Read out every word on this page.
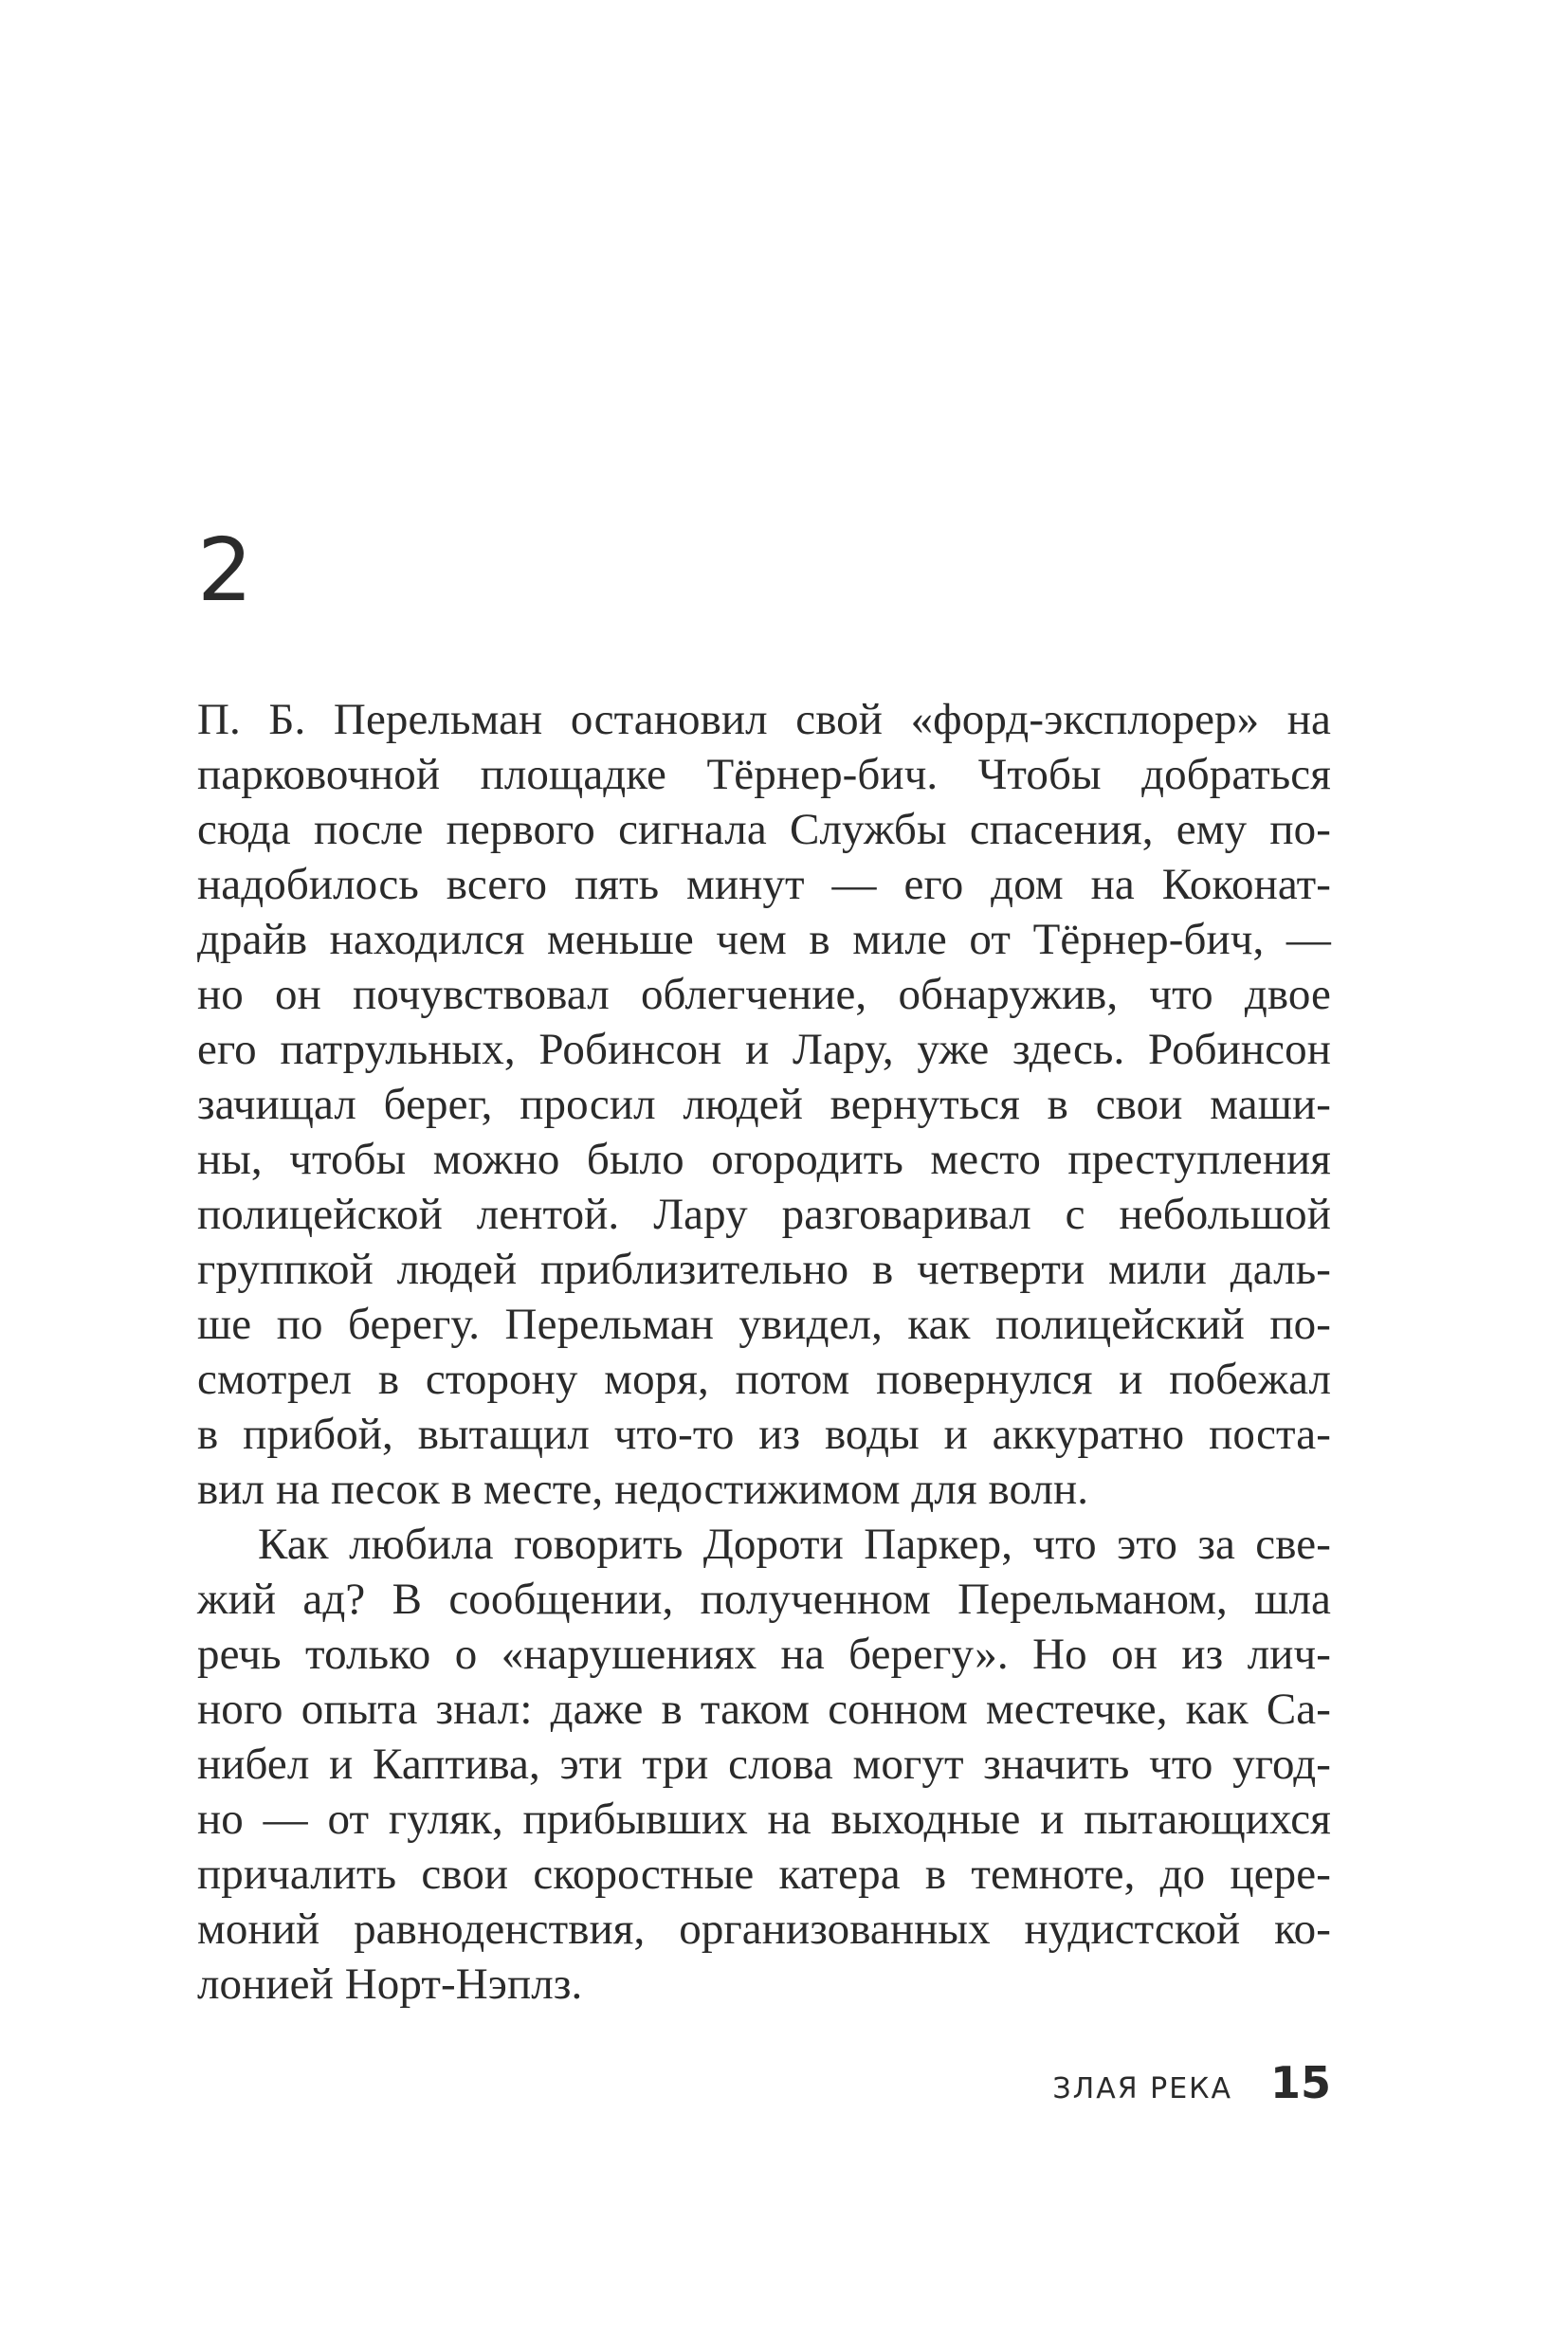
2
П. Б. Перельман остановил свой «форд-эксплорер» на
парковочной площадке Тёрнер-бич. Чтобы добраться
сюда после первого сигнала Службы спасения, ему по-
надобилось всего пять минут — его дом на Коконат-
драйв находился меньше чем в миле от Тёрнер-бич, —
но он почувствовал облегчение, обнаружив, что двое
его патрульных, Робинсон и Лару, уже здесь. Робинсон
зачищал берег, просил людей вернуться в свои маши-
ны, чтобы можно было огородить место преступления
полицейской лентой. Лару разговаривал с небольшой
группкой людей приблизительно в четверти мили даль-
ше по берегу. Перельман увидел, как полицейский по-
смотрел в сторону моря, потом повернулся и побежал
в прибой, вытащил что-то из воды и аккуратно поста-
вил на песок в месте, недостижимом для волн.
Как любила говорить Дороти Паркер, что это за све-
жий ад? В сообщении, полученном Перельманом, шла
речь только о «нарушениях на берегу». Но он из лич-
ного опыта знал: даже в таком сонном местечке, как Са-
нибел и Каптива, эти три слова могут значить что угод-
но — от гуляк, прибывших на выходные и пытающихся
причалить свои скоростные катера в темноте, до цере-
моний равноденствия, организованных нудистской ко-
лонией Норт-Нэплз.
ЗЛАЯ РЕКА 15
